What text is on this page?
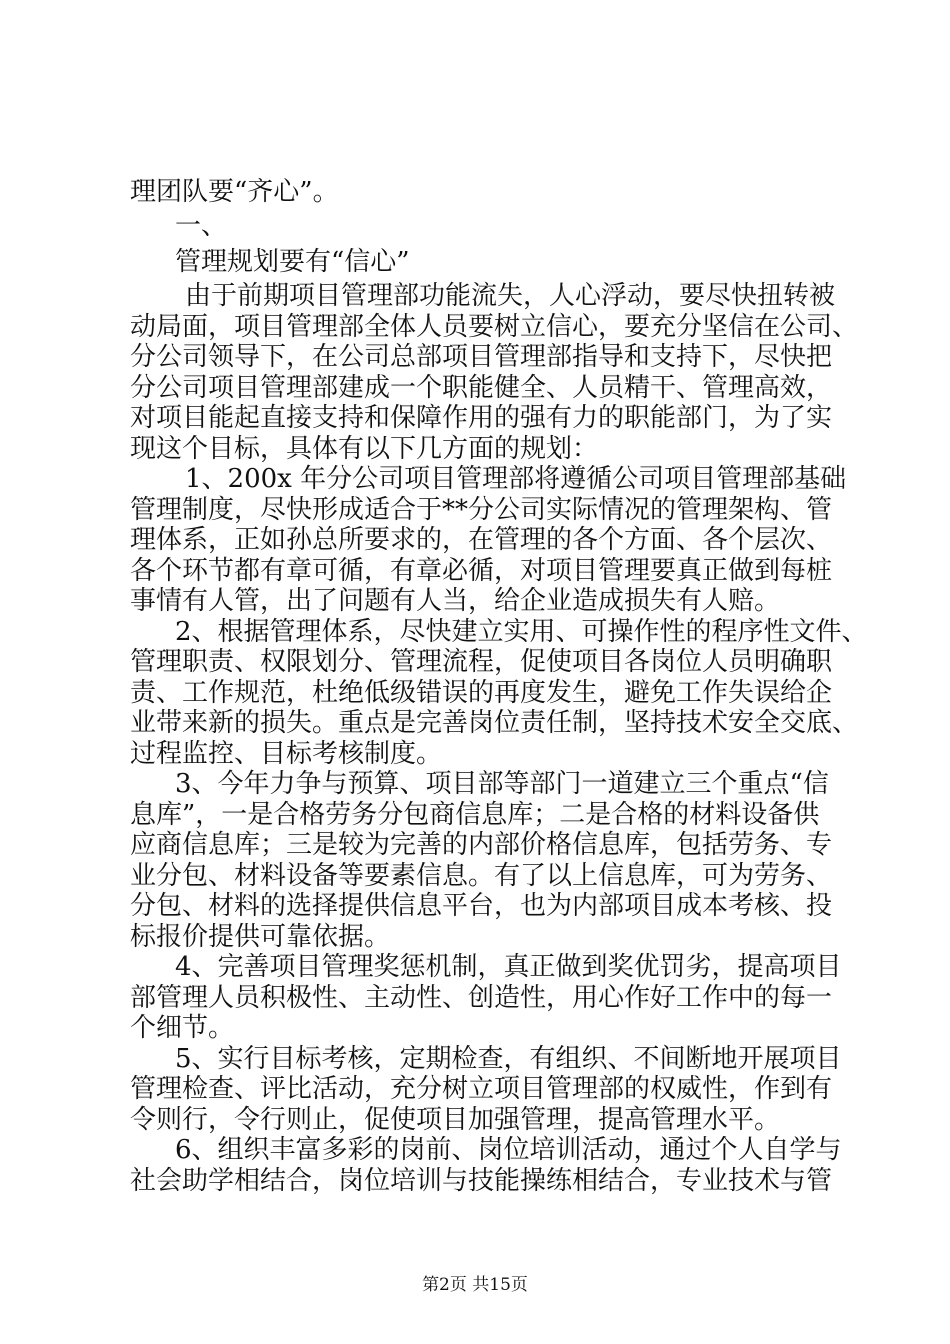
理团队要“齐心”。
一、
管理规划要有“信心”
由于前期项目管理部功能流失，人心浮动，要尽快扭转被
动局面，项目管理部全体人员要树立信心，要充分坚信在公司、
分公司领导下，在公司总部项目管理部指导和支持下，尽快把
分公司项目管理部建成一个职能健全、人员精干、管理高效，
对项目能起直接支持和保障作用的强有力的职能部门，为了实
现这个目标，具体有以下几方面的规划：
1、200x 年分公司项目管理部将遵循公司项目管理部基础
管理制度，尽快形成适合于**分公司实际情况的管理架构、管
理体系，正如孙总所要求的，在管理的各个方面、各个层次、
各个环节都有章可循，有章必循，对项目管理要真正做到每桩
事情有人管，出了问题有人当，给企业造成损失有人赔。
2、根据管理体系，尽快建立实用、可操作性的程序性文件、
管理职责、权限划分、管理流程，促使项目各岗位人员明确职
责、工作规范，杜绝低级错误的再度发生，避免工作失误给企
业带来新的损失。重点是完善岗位责任制，坚持技术安全交底、
过程监控、目标考核制度。
3、今年力争与预算、项目部等部门一道建立三个重点“信
息库”，一是合格劳务分包商信息库；二是合格的材料设备供
应商信息库；三是较为完善的内部价格信息库，包括劳务、专
业分包、材料设备等要素信息。有了以上信息库，可为劳务、
分包、材料的选择提供信息平台，也为内部项目成本考核、投
标报价提供可靠依据。
4、完善项目管理奖惩机制，真正做到奖优罚劣，提高项目
部管理人员积极性、主动性、创造性，用心作好工作中的每一
个细节。
5、实行目标考核，定期检查，有组织、不间断地开展项目
管理检查、评比活动，充分树立项目管理部的权威性，作到有
令则行，令行则止，促使项目加强管理，提高管理水平。
6、组织丰富多彩的岗前、岗位培训活动，通过个人自学与
社会助学相结合，岗位培训与技能操练相结合，专业技术与管
第2页 共15页
